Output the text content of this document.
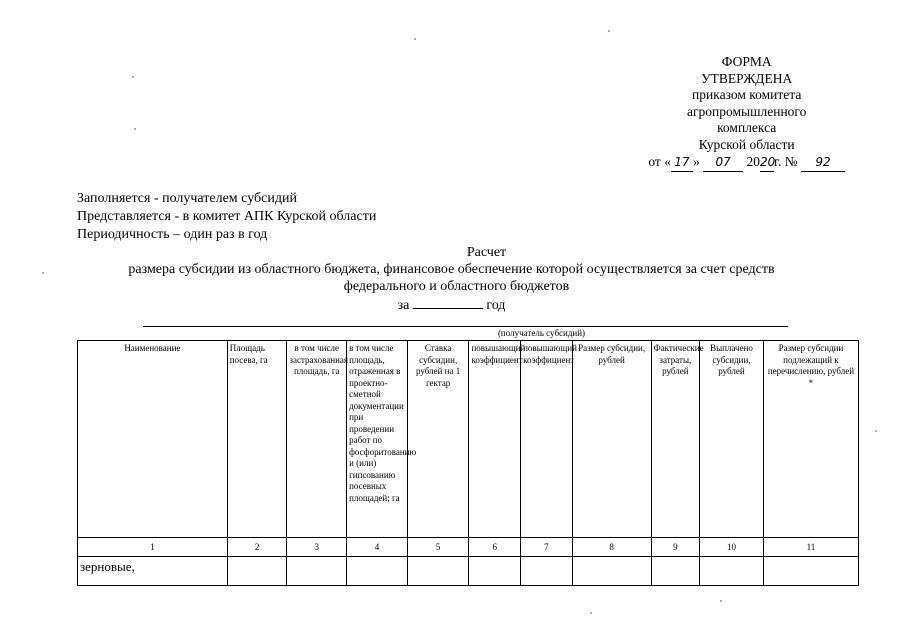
ФОРМА
УТВЕРЖДЕНА
приказом комитета
агропромышленного
комплекса
Курской области
от « 17 » 07 2020г. № 92
Заполняется - получателем субсидий
Представляется - в комитет АПК Курской области
Периодичность – один раз в год
Расчет
размера субсидии из областного бюджета, финансовое обеспечение которой осуществляется за счет средств
федерального и областного бюджетов
за	год
(получатель субсидий)
Наименование	Площадь посева, га	в том числе застрахованная площадь, га	в том числе площадь, отраженная в проектно-сметной документации при проведении работ по фосфоритованию и (или) гипсованию посевных площадей; га	Ставка субсидии, рублей на 1 гектар	повышающий коэффициент	повышающий коэффициент	Размер субсидии, рублей	Фактические затраты, рублей	Выплачено субсидии, рублей	Размер субсидии подлежащий к перечислению, рублей *
1	2	3	4	5	6	7	8	9	10	11
зерновые,										
